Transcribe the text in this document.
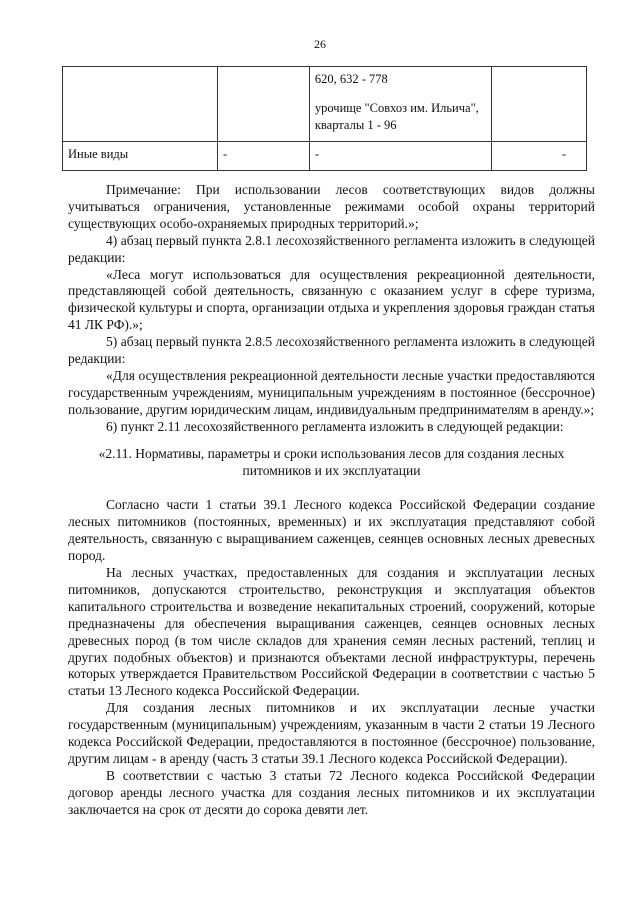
26

		620, 632 - 778
урочище "Совхоз им. Ильича",
кварталы 1 - 96	

Иные виды	-	-	-

Примечание: При использовании лесов соответствующих видов должны учитываться ограничения, установленные режимами особой охраны территорий существующих особо-охраняемых природных территорий.»;

4) абзац первый пункта 2.8.1 лесохозяйственного регламента изложить в следующей редакции:

«Леса могут использоваться для осуществления рекреационной деятельности, представляющей собой деятельность, связанную с оказанием услуг в сфере туризма, физической культуры и спорта, организации отдыха и укрепления здоровья граждан статья 41 ЛК РФ).»;

5) абзац первый пункта 2.8.5 лесохозяйственного регламента изложить в следующей редакции:

«Для осуществления рекреационной деятельности лесные участки предоставляются государственным учреждениям, муниципальным учреждениям в постоянное (бессрочное) пользование, другим юридическим лицам, индивидуальным предпринимателям в аренду.»;

6) пункт 2.11 лесохозяйственного регламента изложить в следующей редакции:

«2.11. Нормативы, параметры и сроки использования лесов для создания лесных питомников и их эксплуатации

Согласно части 1 статьи 39.1 Лесного кодекса Российской Федерации создание лесных питомников (постоянных, временных) и их эксплуатация представляют собой деятельность, связанную с выращиванием саженцев, сеянцев основных лесных древесных пород.

На лесных участках, предоставленных для создания и эксплуатации лесных питомников, допускаются строительство, реконструкция и эксплуатация объектов капитального строительства и возведение некапитальных строений, сооружений, которые предназначены для обеспечения выращивания саженцев, сеянцев основных лесных древесных пород (в том числе складов для хранения семян лесных растений, теплиц и других подобных объектов) и признаются объектами лесной инфраструктуры, перечень которых утверждается Правительством Российской Федерации в соответствии с частью 5 статьи 13 Лесного кодекса Российской Федерации.

Для создания лесных питомников и их эксплуатации лесные участки государственным (муниципальным) учреждениям, указанным в части 2 статьи 19 Лесного кодекса Российской Федерации, предоставляются в постоянное (бессрочное) пользование, другим лицам - в аренду (часть 3 статьи 39.1 Лесного кодекса Российской Федерации).

В соответствии с частью 3 статьи 72 Лесного кодекса Российской Федерации договор аренды лесного участка для создания лесных питомников и их эксплуатации заключается на срок от десяти до сорока девяти лет.
